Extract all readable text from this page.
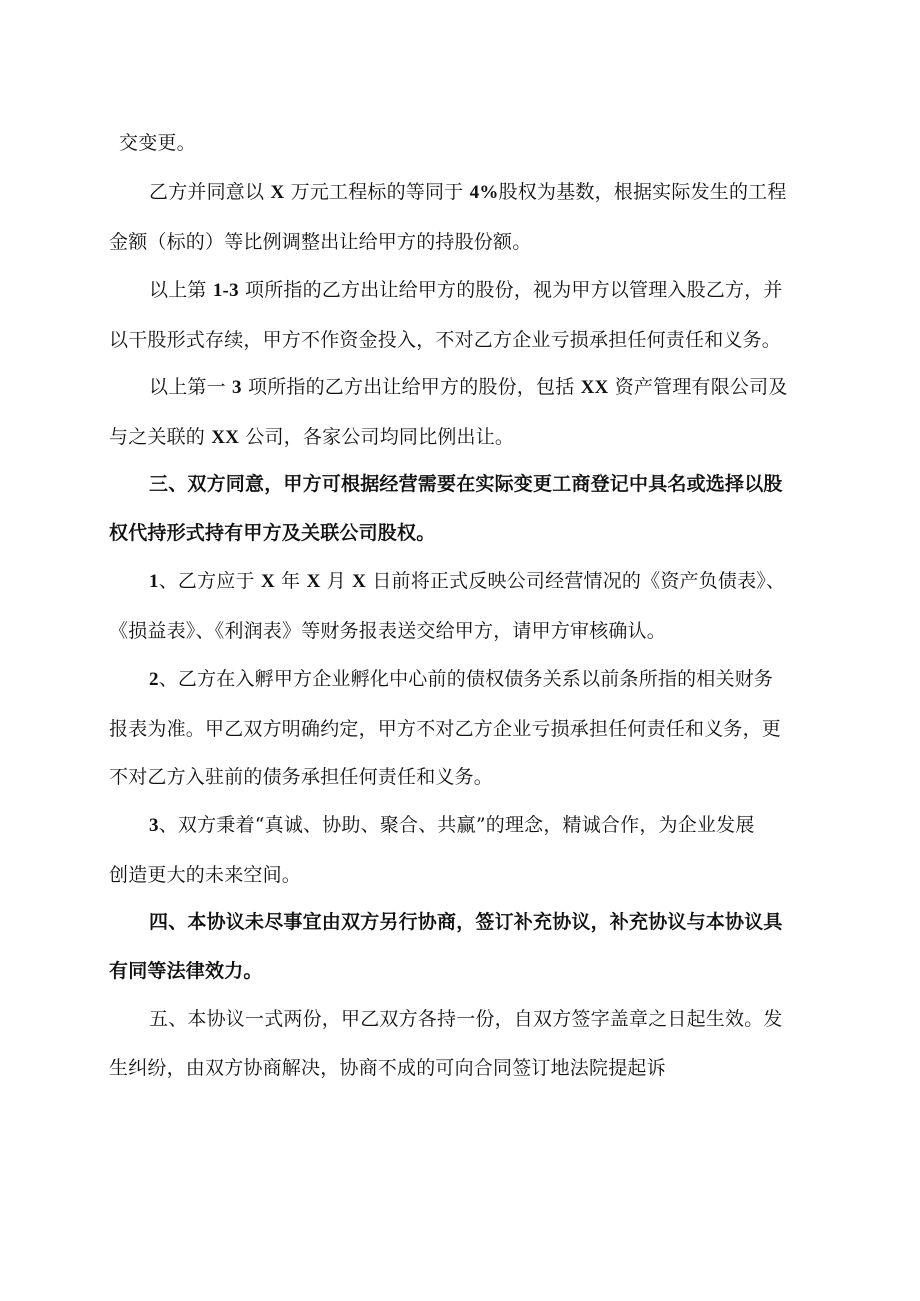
交变更。

乙方并同意以 X 万元工程标的等同于 4%股权为基数，根据实际发生的工程
金额（标的）等比例调整出让给甲方的持股份额。

以上第 1-3 项所指的乙方出让给甲方的股份，视为甲方以管理入股乙方，并
以干股形式存续，甲方不作资金投入，不对乙方企业亏损承担任何责任和义务。

以上第一 3 项所指的乙方出让给甲方的股份，包括 XX 资产管理有限公司及
与之关联的 XX 公司，各家公司均同比例出让。

三、双方同意，甲方可根据经营需要在实际变更工商登记中具名或选择以股
权代持形式持有甲方及关联公司股权。

1、乙方应于 X 年 X 月 X 日前将正式反映公司经营情况的《资产负债表》、
《损益表》、《利润表》等财务报表送交给甲方，请甲方审核确认。

2、乙方在入孵甲方企业孵化中心前的债权债务关系以前条所指的相关财务
报表为准。甲乙双方明确约定，甲方不对乙方企业亏损承担任何责任和义务，更
不对乙方入驻前的债务承担任何责任和义务。

3、双方秉着“真诚、协助、聚合、共赢”的理念，精诚合作，为企业发展
创造更大的未来空间。

四、本协议未尽事宜由双方另行协商，签订补充协议，补充协议与本协议具
有同等法律效力。

五、本协议一式两份，甲乙双方各持一份，自双方签字盖章之日起生效。发
生纠纷，由双方协商解决，协商不成的可向合同签订地法院提起诉
